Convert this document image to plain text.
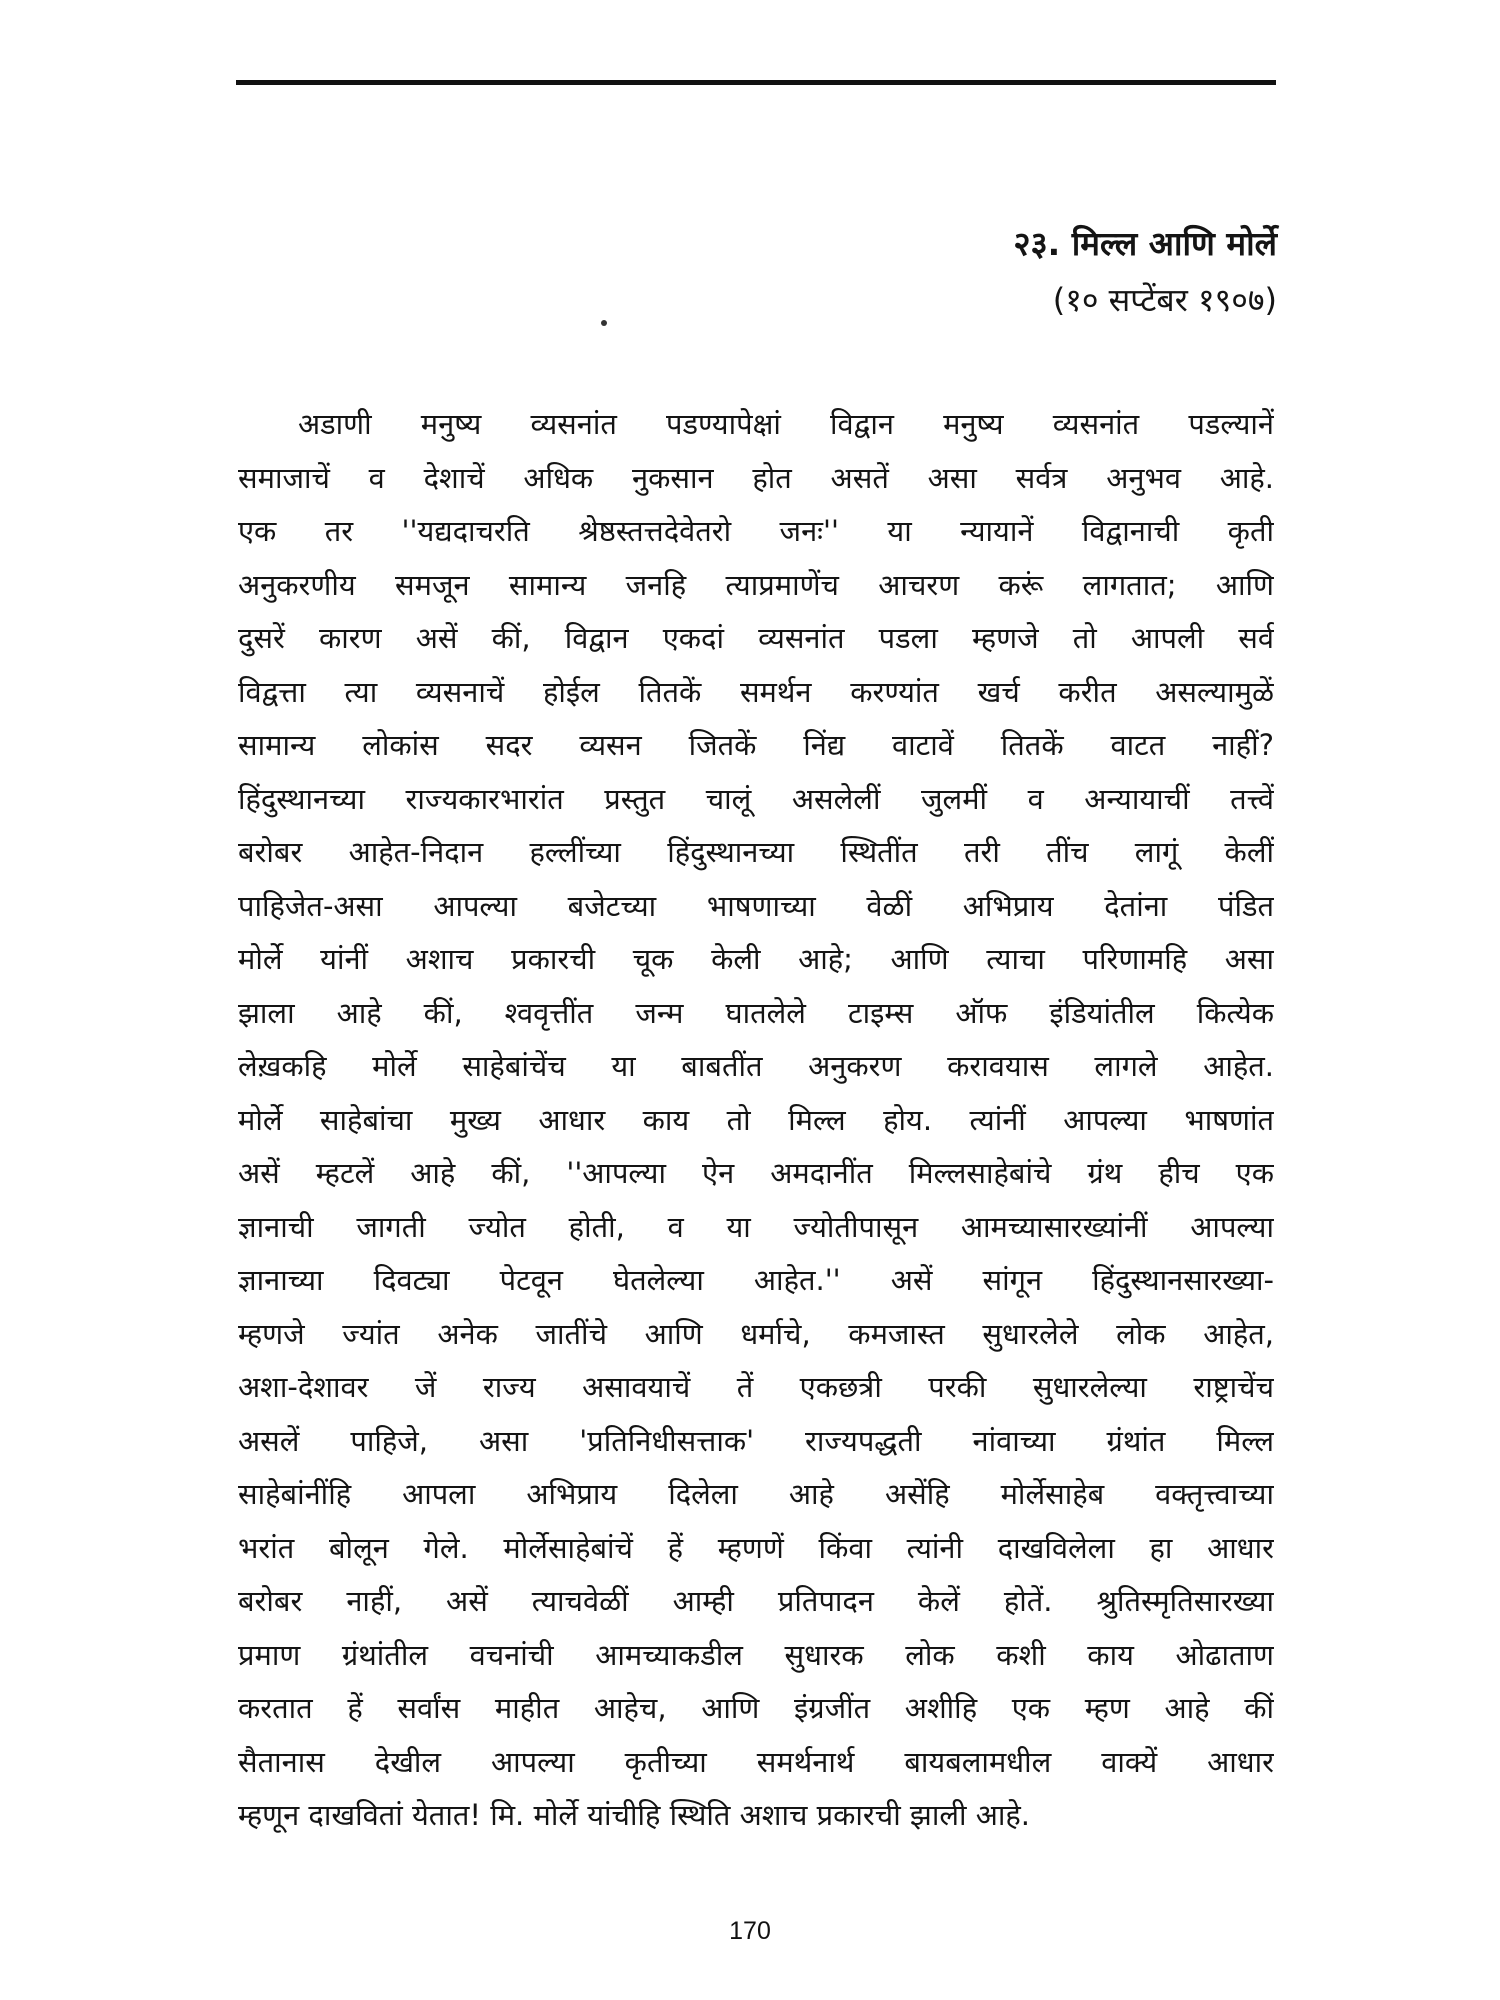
२३. मिल्ल आणि मोर्ले
(१० सप्टेंबर १९०७)
अडाणी मनुष्य व्यसनांत पडण्यापेक्षां विद्वान मनुष्य व्यसनांत पडल्यानें
समाजाचें व देशाचें अधिक नुकसान होत असतें असा सर्वत्र अनुभव आहे.
एक तर ''यद्यदाचरति श्रेष्ठस्तत्तदेवेतरो जनः'' या न्यायानें विद्वानाची कृती
अनुकरणीय समजून सामान्य जनहि त्याप्रमाणेंच आचरण करूं लागतात; आणि
दुसरें कारण असें कीं, विद्वान एकदां व्यसनांत पडला म्हणजे तो आपली सर्व
विद्वत्ता त्या व्यसनाचें होईल तितकें समर्थन करण्यांत खर्च करीत असल्यामुळें
सामान्य लोकांस सदर व्यसन जितकें निंद्य वाटावें तितकें वाटत नाहीं?
हिंदुस्थानच्या राज्यकारभारांत प्रस्तुत चालूं असलेलीं जुलमीं व अन्यायाचीं तत्त्वें
बरोबर आहेत-निदान हल्लींच्या हिंदुस्थानच्या स्थितींत तरी तींच लागूं केलीं
पाहिजेत-असा आपल्या बजेटच्या भाषणाच्या वेळीं अभिप्राय देतांना पंडित
मोर्ले यांनीं अशाच प्रकारची चूक केली आहे; आणि त्याचा परिणामहि असा
झाला आहे कीं, श्ववृत्तींत जन्म घातलेले टाइम्स ऑफ इंडियांतील कित्येक
लेख़कहि मोर्ले साहेबांचेंच या बाबतींत अनुकरण करावयास लागले आहेत.
मोर्ले साहेबांचा मुख्य आधार काय तो मिल्ल होय. त्यांनीं आपल्या भाषणांत
असें म्हटलें आहे कीं, ''आपल्या ऐन अमदानींत मिल्लसाहेबांचे ग्रंथ हीच एक
ज्ञानाची जागती ज्योत होती, व या ज्योतीपासून आमच्यासारख्यांनीं आपल्या
ज्ञानाच्या दिवट्या पेटवून घेतलेल्या आहेत.'' असें सांगून हिंदुस्थानसारख्या-
म्हणजे ज्यांत अनेक जातींचे आणि धर्माचे, कमजास्त सुधारलेले लोक आहेत,
अशा-देशावर जें राज्य असावयाचें तें एकछत्री परकी सुधारलेल्या राष्ट्राचेंच
असलें पाहिजे, असा 'प्रतिनिधीसत्ताक' राज्यपद्धती नांवाच्या ग्रंथांत मिल्ल
साहेबांनींहि आपला अभिप्राय दिलेला आहे असेंहि मोर्लेसाहेब वक्तृत्त्वाच्या
भरांत बोलून गेले. मोर्लेसाहेबांचें हें म्हणणें किंवा त्यांनी दाखविलेला हा आधार
बरोबर नाहीं, असें त्याचवेळीं आम्ही प्रतिपादन केलें होतें. श्रुतिस्मृतिसारख्या
प्रमाण ग्रंथांतील वचनांची आमच्याकडील सुधारक लोक कशी काय ओढाताण
करतात हें सर्वांस माहीत आहेच, आणि इंग्रजींत अशीहि एक म्हण आहे कीं
सैतानास देखील आपल्या कृतीच्या समर्थनार्थ बायबलामधील वाक्यें आधार
म्हणून दाखवितां येतात! मि. मोर्ले यांचीहि स्थिति अशाच प्रकारची झाली आहे.
170
